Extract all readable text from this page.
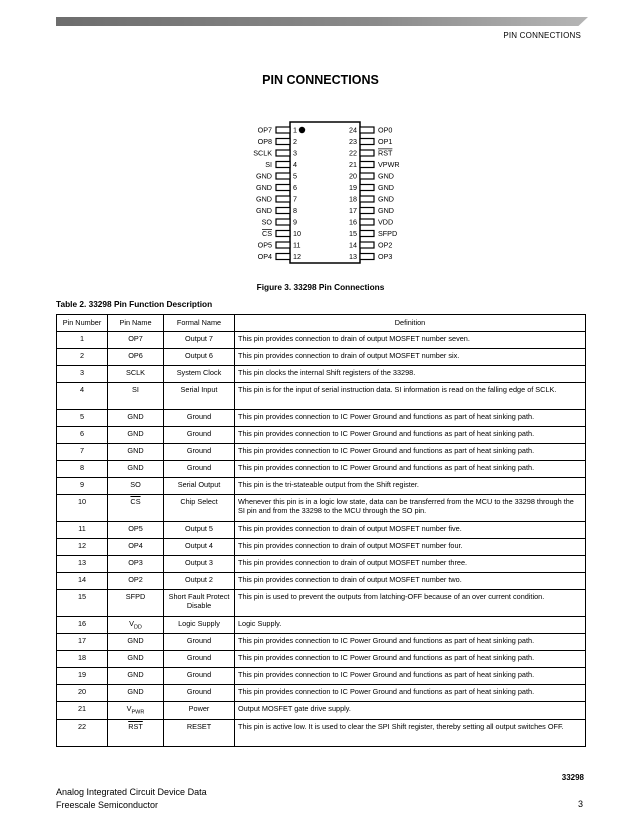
PIN CONNECTIONS
PIN CONNECTIONS
OP7	1
OP8	2
SCLK	3
SI	4
GND	5
GND	6
GND	7
GND	8
SO	9
CS	10
OP5	11
OP4	12
OP0
24
OP1
23
RST
22
VPWR
21
GND
20
GND
19
GND
18
GND
17
VDD
16
SFPD
15
OP2
14
OP3
13
Figure 3. 33298 Pin Connections
Table 2. 33298 Pin Function Description
Pin Number	Pin Name	Formal Name	Definition
1	OP7	Output 7	This pin provides connection to drain of output MOSFET number seven.
2	OP6	Output 6	This pin provides connection to drain of output MOSFET number six.
3	SCLK	System Clock	This pin clocks the internal Shift registers of the 33298.
4	SI	Serial Input	This pin is for the input of serial instruction data. SI information is read on the falling edge of SCLK.
5	GND	Ground	This pin provides connection to IC Power Ground and functions as part of heat sinking path.
6	GND	Ground	This pin provides connection to IC Power Ground and functions as part of heat sinking path.
7	GND	Ground	This pin provides connection to IC Power Ground and functions as part of heat sinking path.
8	GND	Ground	This pin provides connection to IC Power Ground and functions as part of heat sinking path.
9	SO	Serial Output	This pin is the tri-stateable output from the Shift register.
10	$\overline{CS}$	Chip Select	Whenever this pin is in a logic low state, data can be transferred from the MCU to the 33298 through the SI pin and from the 33298 to the MCU through the SO pin.
11	OP5	Output 5	This pin provides connection to drain of output MOSFET number five.
12	OP4	Output 4	This pin provides connection to drain of output MOSFET number four.
13	OP3	Output 3	This pin provides connection to drain of output MOSFET number three.
14	OP2	Output 2	This pin provides connection to drain of output MOSFET number two.
15	SFPD	Short Fault Protect Disable	This pin is used to prevent the outputs from latching-OFF because of an over current condition.
16	$V_{DD}$	Logic Supply	Logic Supply.
17	GND	Ground	This pin provides connection to IC Power Ground and functions as part of heat sinking path.
18	GND	Ground	This pin provides connection to IC Power Ground and functions as part of heat sinking path.
19	GND	Ground	This pin provides connection to IC Power Ground and functions as part of heat sinking path.
20	GND	Ground	This pin provides connection to IC Power Ground and functions as part of heat sinking path.
21	$V_{PWR}$	Power	Output MOSFET gate drive supply.
22	$\overline{RST}$	RESET	This pin is active low. It is used to clear the SPI Shift register, thereby setting all output switches OFF.
33298
Analog Integrated Circuit Device Data
Freescale Semiconductor	3
